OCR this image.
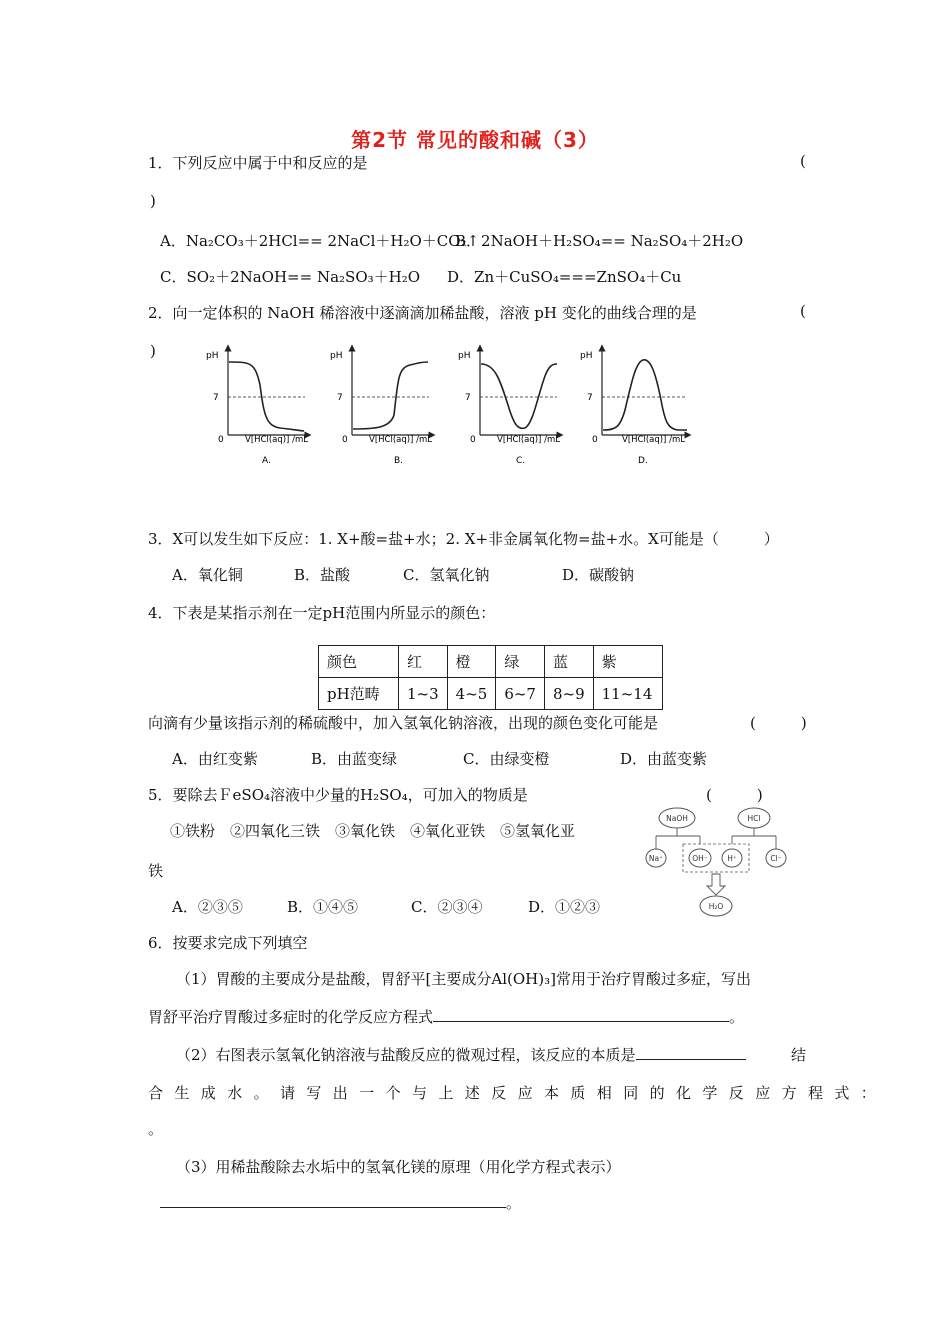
第2节 常见的酸和碱（3）
1．下列反应中属于中和反应的是	(
)
A．Na₂CO₃＋2HCl== 2NaCl＋H₂O＋CO₂↑
B．2NaOH＋H₂SO₄== Na₂SO₄＋2H₂O
C．SO₂＋2NaOH== Na₂SO₃＋H₂O D．Zn＋CuSO₄===ZnSO₄＋Cu
2．向一定体积的 NaOH 稀溶液中逐滴滴加稀盐酸，溶液 pH 变化的曲线合理的是	(
)	pH
7
0	V[HCl(aq)] /mL
A.
pH
7
0	V[HCl(aq)] /mL
B.
pH
7
0	V[HCl(aq)] /mL
C.
pH
7
0	V[HCl(aq)] /mL
D.
3．X可以发生如下反应：1. X+酸=盐+水；2. X+非金属氧化物=盐+水。X可能是（　　　）
A．氧化铜	B．盐酸	C．氢氧化钠	D．碳酸钠
4．下表是某指示剂在一定pH范围内所显示的颜色：
颜色	红	橙	绿	蓝	紫
pH范畴	1~3	4~5	6~7	8~9	11~14
向滴有少量该指示剂的稀硫酸中，加入氢氧化钠溶液，出现的颜色变化可能是	(　　　)
A．由红变紫	B．由蓝变绿	C．由绿变橙	D．由蓝变紫
5．要除去ＦeSO₄溶液中少量的H₂SO₄，可加入的物质是	(　　　)
①铁粉　②四氧化三铁　③氧化铁　④氧化亚铁　⑤氢氧化亚
铁
A．②③⑤	B．①④⑤	C．②③④	D．①②③
NaOH	HCl
Na⁺	OH⁻	H⁺	Cl⁻
H₂O
6．按要求完成下列填空
（1）胃酸的主要成分是盐酸，胃舒平[主要成分Al(OH)₃]常用于治疗胃酸过多症，写出
胃舒平治疗胃酸过多症时的化学反应方程式	。
（2）右图表示氢氧化钠溶液与盐酸反应的微观过程，该反应的本质是	结
合生成水。请写出一个与上述反应本质相同的化学反应方程式：
。
（3）用稀盐酸除去水垢中的氢氧化镁的原理（用化学方程式表示）
。
